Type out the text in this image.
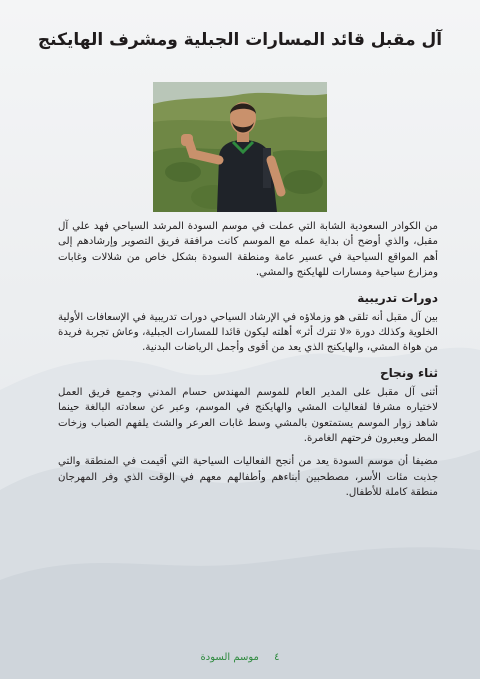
آل مقبل قائد المسارات الجبلية ومشرف الهايكنج

من الكوادر السعودية الشابة التي عملت في موسم السودة المرشد السياحي فهد علي آل مقبل، والذي أوضح أن بداية عمله مع الموسم كانت مرافقة فريق التصوير وإرشادهم إلى أهم المواقع السياحية في عسير عامة ومنطقة السودة بشكل خاص من شلالات وغابات ومزارع سياحية ومسارات للهايكنج والمشي.

دورات تدريبية

بين آل مقبل أنه تلقى هو وزملاؤه في الإرشاد السياحي دورات تدريبية في الإسعافات الأولية الخلوية وكذلك دورة «لا تترك أثر» أهلته ليكون قائدا للمسارات الجبلية، وعاش تجربة فريدة من هواة المشي، والهايكنج الذي يعد من أقوى وأجمل الرياضات البدنية.

ثناء ونجاح

أثنى آل مقبل على المدير العام للموسم المهندس حسام المدني وجميع فريق العمل لاختياره مشرفا لفعاليات المشي والهايكنج في الموسم، وعبر عن سعادته البالغة حينما شاهد زوار الموسم يستمتعون بالمشي وسط غابات العرعر والشث يلفهم الضباب وزخات المطر ويعبرون فرحتهم الغامرة.

مضيفا أن موسم السودة يعد من أنجح الفعاليات السياحية التي أقيمت في المنطقة والتي جذبت مئات الأسر، مصطحبين أبناءهم وأطفالهم معهم في الوقت الذي وفر المهرجان منطقة كاملة للأطفال.

٤ موسم السودة
